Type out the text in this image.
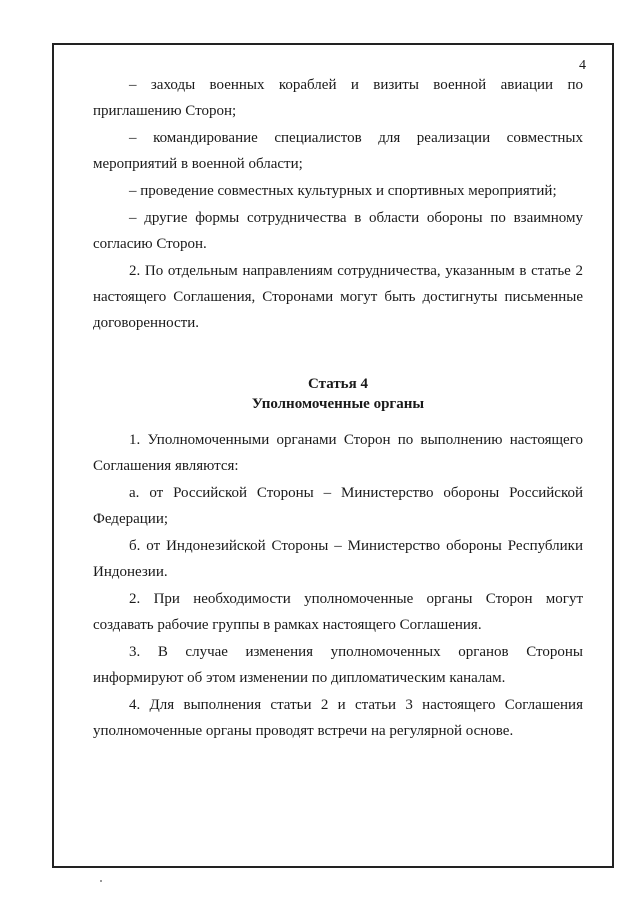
4

– заходы военных кораблей и визиты военной авиации по приглашению Сторон;

– командирование специалистов для реализации совместных мероприятий в военной области;

– проведение совместных культурных и спортивных мероприятий;

– другие формы сотрудничества в области обороны по взаимному согласию Сторон.

2. По отдельным направлениям сотрудничества, указанным в статье 2 настоящего Соглашения, Сторонами могут быть достигнуты письменные договоренности.

Статья 4
Уполномоченные органы

1. Уполномоченными органами Сторон по выполнению настоящего Соглашения являются:

а. от Российской Стороны – Министерство обороны Российской Федерации;

б. от Индонезийской Стороны – Министерство обороны Республики Индонезии.

2. При необходимости уполномоченные органы Сторон могут создавать рабочие группы в рамках настоящего Соглашения.

3. В случае изменения уполномоченных органов Стороны информируют об этом изменении по дипломатическим каналам.

4. Для выполнения статьи 2 и статьи 3 настоящего Соглашения уполномоченные органы проводят встречи на регулярной основе.
